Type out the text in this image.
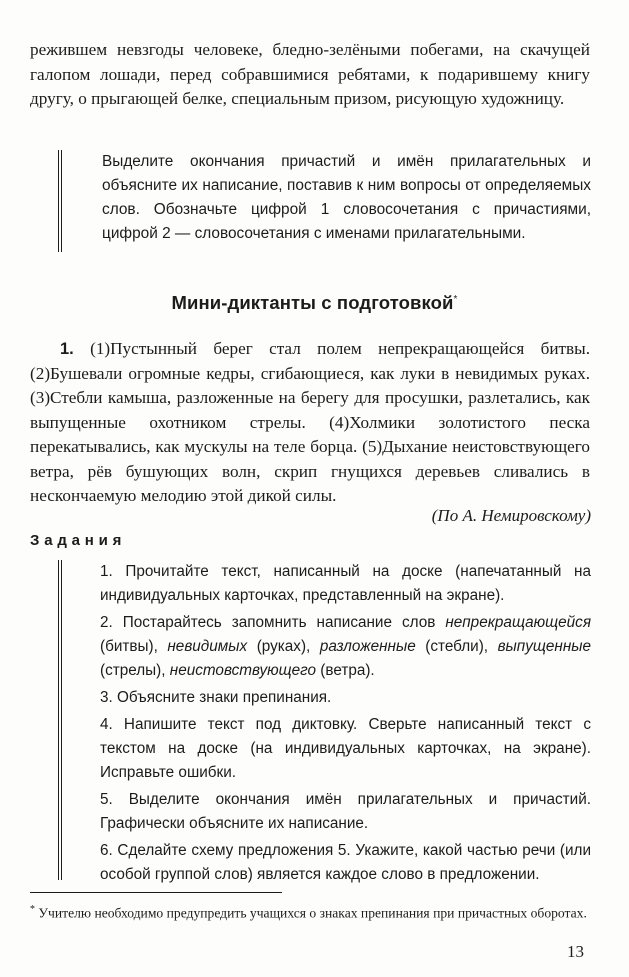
режившем невзгоды человеке, бледно-зелёными побегами, на скачущей галопом лошади, перед собравшимися ребятами, к подарившему книгу другу, о прыгающей белке, специальным призом, рисующую художницу.

Выделите окончания причастий и имён прилагательных и объясните их написание, поставив к ним вопросы от определяемых слов. Обозначьте цифрой 1 словосочетания с причастиями, цифрой 2 — словосочетания с именами прилагательными.

Мини-диктанты с подготовкой*
1. (1)Пустынный берег стал полем непрекращающейся битвы. (2)Бушевали огромные кедры, сгибающиеся, как луки в невидимых руках. (3)Стебли камыша, разложенные на берегу для просушки, разлетались, как выпущенные охотником стрелы. (4)Холмики золотистого песка перекатывались, как мускулы на теле борца. (5)Дыхание неистовствующего ветра, рёв бушующих волн, скрип гнущихся деревьев сливались в нескончаемую мелодию этой дикой силы.
(По А. Немировскому)
Задания

1. Прочитайте текст, написанный на доске (напечатанный на индивидуальных карточках, представленный на экране).

2. Постарайтесь запомнить написание слов непрекращающейся (битвы), невидимых (руках), разложенные (стебли), выпущенные (стрелы), неистовствующего (ветра).

3. Объясните знаки препинания.

4. Напишите текст под диктовку. Сверьте написанный текст с текстом на доске (на индивидуальных карточках, на экране). Исправьте ошибки.

5. Выделите окончания имён прилагательных и причастий. Графически объясните их написание.

6. Сделайте схему предложения 5. Укажите, какой частью речи (или особой группой слов) является каждое слово в предложении.

* Учителю необходимо предупредить учащихся о знаках препинания при причастных оборотах.
13
